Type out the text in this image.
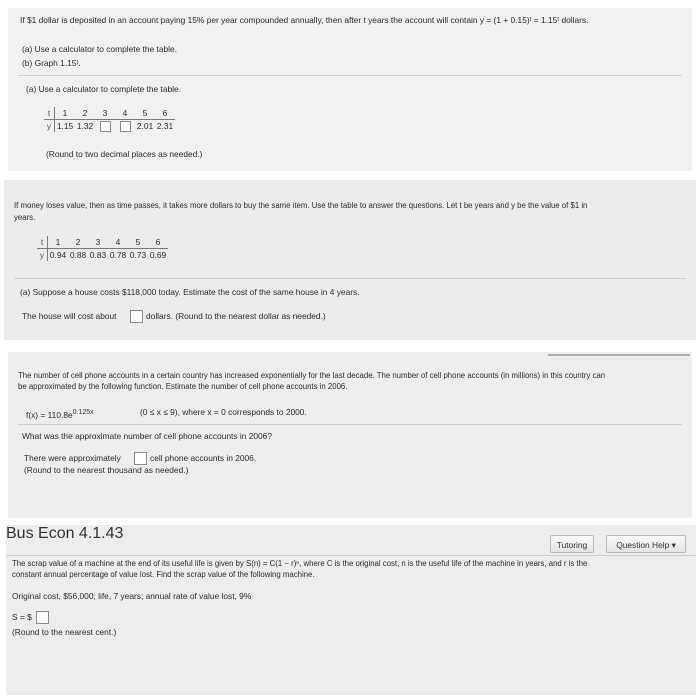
If $1 dollar is deposited in an account paying 15% per year compounded annually, then after t years the account will contain y = (1 + 0.15)ᵗ = 1.15ᵗ dollars.
(a) Use a calculator to complete the table.
(b) Graph 1.15ᵗ.
(a) Use a calculator to complete the table.
t	1	2	3	4	5	6
y	1.15	1.32			2.01	2.31
(Round to two decimal places as needed.)
If money loses value, then as time passes, it takes more dollars to buy the same item. Use the table to answer the questions. Let t be years and y be the value of $1 in
years.
t	1	2	3	4	5	6
y	0.94	0.88	0.83	0.78	0.73	0.69
(a) Suppose a house costs $118,000 today. Estimate the cost of the same house in 4 years.
The house will cost about	dollars. (Round to the nearest dollar as needed.)
The number of cell phone accounts in a certain country has increased exponentially for the last decade. The number of cell phone accounts (in millions) in this country can
be approximated by the following function. Estimate the number of cell phone accounts in 2006.
$f(x) = 110.8e^{0.125x}$	(0 ≤ x ≤ 9), where x = 0 corresponds to 2000.
What was the approximate number of cell phone accounts in 2006?
There were approximately	cell phone accounts in 2006.
(Round to the nearest thousand as needed.)
Bus Econ 4.1.43
Tutoring	Question Help ▾
The scrap value of a machine at the end of its useful life is given by S(n) = C(1 − r)ⁿ, where C is the original cost, n is the useful life of the machine in years, and r is the
constant annual percentage of value lost. Find the scrap value of the following machine.
Original cost, $56,000; life, 7 years; annual rate of value lost, 9%
S = $
(Round to the nearest cent.)
